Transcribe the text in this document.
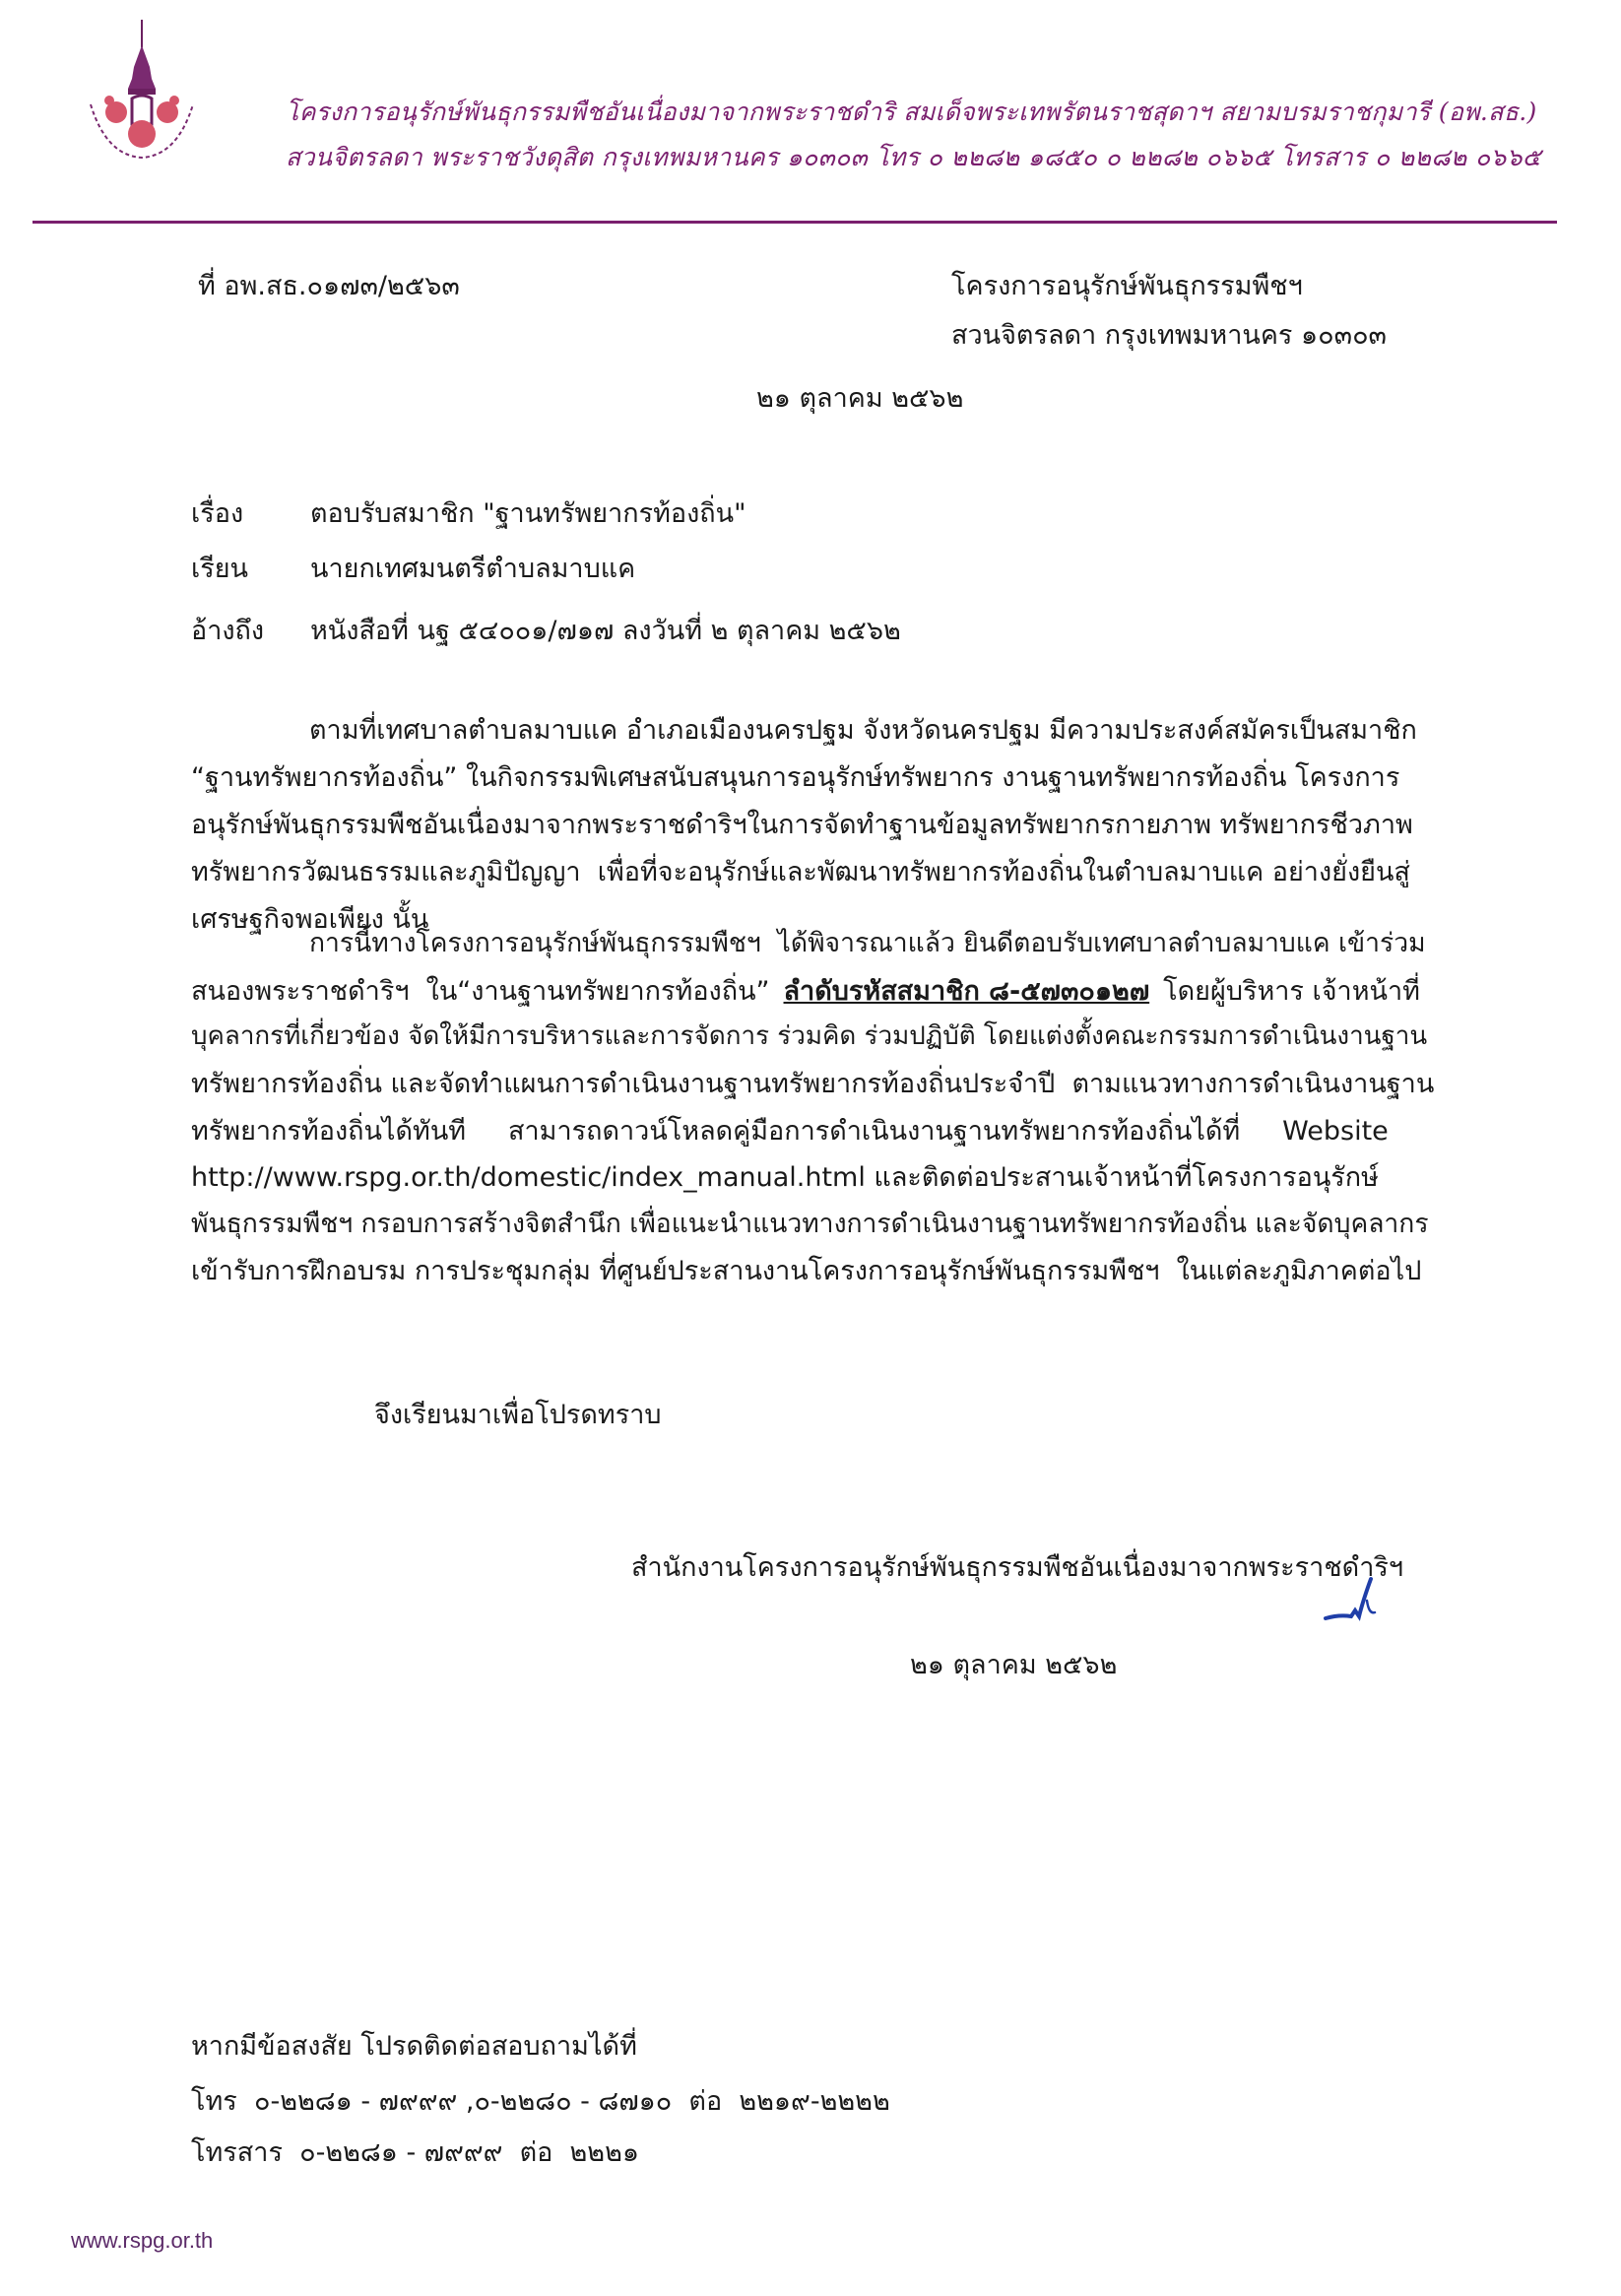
โครงการอนุรักษ์พันธุกรรมพืชอันเนื่องมาจากพระราชดำริ สมเด็จพระเทพรัตนราชสุดาฯ สยามบรมราชกุมารี (อพ.สธ.)
สวนจิตรลดา พระราชวังดุสิต กรุงเทพมหานคร ๑๐๓๐๓ โทร ๐ ๒๒๘๒ ๑๘๕๐ ๐ ๒๒๘๒ ๐๖๖๕ โทรสาร ๐ ๒๒๘๒ ๐๖๖๕
ที่ อพ.สธ.๐๑๗๓/๒๕๖๓	โครงการอนุรักษ์พันธุกรรมพืชฯ
สวนจิตรลดา กรุงเทพมหานคร ๑๐๓๐๓
๒๑ ตุลาคม ๒๕๖๒
เรื่อง	ตอบรับสมาชิก "ฐานทรัพยากรท้องถิ่น"
เรียน นายกเทศมนตรีตำบลมาบแค
อ้างถึง หนังสือที่ นฐ ๕๔๐๐๑/๗๑๗ ลงวันที่ ๒ ตุลาคม ๒๕๖๒
ตามที่เทศบาลตำบลมาบแค อำเภอเมืองนครปฐม จังหวัดนครปฐม มีความประสงค์สมัครเป็นสมาชิก
“ฐานทรัพยากรท้องถิ่น” ในกิจกรรมพิเศษสนับสนุนการอนุรักษ์ทรัพยากร งานฐานทรัพยากรท้องถิ่น โครงการ
อนุรักษ์พันธุกรรมพืชอันเนื่องมาจากพระราชดำริฯในการจัดทำฐานข้อมูลทรัพยากรกายภาพ ทรัพยากรชีวภาพ
ทรัพยากรวัฒนธรรมและภูมิปัญญา  เพื่อที่จะอนุรักษ์และพัฒนาทรัพยากรท้องถิ่นในตำบลมาบแค อย่างยั่งยืนสู่
เศรษฐกิจพอเพียง นั้น
การนี้ทางโครงการอนุรักษ์พันธุกรรมพืชฯ  ได้พิจารณาแล้ว ยินดีตอบรับเทศบาลตำบลมาบแค เข้าร่วม
สนองพระราชดำริฯ  ใน“งานฐานทรัพยากรท้องถิ่น” ลำดับรหัสสมาชิก ๘-๕๗๓๐๑๒๗ โดยผู้บริหาร เจ้าหน้าที่
บุคลากรที่เกี่ยวข้อง จัดให้มีการบริหารและการจัดการ ร่วมคิด ร่วมปฏิบัติ โดยแต่งตั้งคณะกรรมการดำเนินงานฐาน
ทรัพยากรท้องถิ่น และจัดทำแผนการดำเนินงานฐานทรัพยากรท้องถิ่นประจำปี  ตามแนวทางการดำเนินงานฐาน
ทรัพยากรท้องถิ่นได้ทันที     สามารถดาวน์โหลดคู่มือการดำเนินงานฐานทรัพยากรท้องถิ่นได้ที่     Website
http://www.rspg.or.th/domestic/index_manual.html และติดต่อประสานเจ้าหน้าที่โครงการอนุรักษ์
พันธุกรรมพืชฯ กรอบการสร้างจิตสำนึก เพื่อแนะนำแนวทางการดำเนินงานฐานทรัพยากรท้องถิ่น และจัดบุคลากร
เข้ารับการฝึกอบรม การประชุมกลุ่ม ที่ศูนย์ประสานงานโครงการอนุรักษ์พันธุกรรมพืชฯ  ในแต่ละภูมิภาคต่อไป
จึงเรียนมาเพื่อโปรดทราบ
สำนักงานโครงการอนุรักษ์พันธุกรรมพืชอันเนื่องมาจากพระราชดำริฯ
๒๑ ตุลาคม ๒๕๖๒
หากมีข้อสงสัย โปรดติดต่อสอบถามได้ที่
โทร  ๐-๒๒๘๑ - ๗๙๙๙ ,๐-๒๒๘๐ - ๘๗๑๐  ต่อ  ๒๒๑๙-๒๒๒๒
โทรสาร  ๐-๒๒๘๑ - ๗๙๙๙  ต่อ  ๒๒๒๑
www.rspg.or.th
